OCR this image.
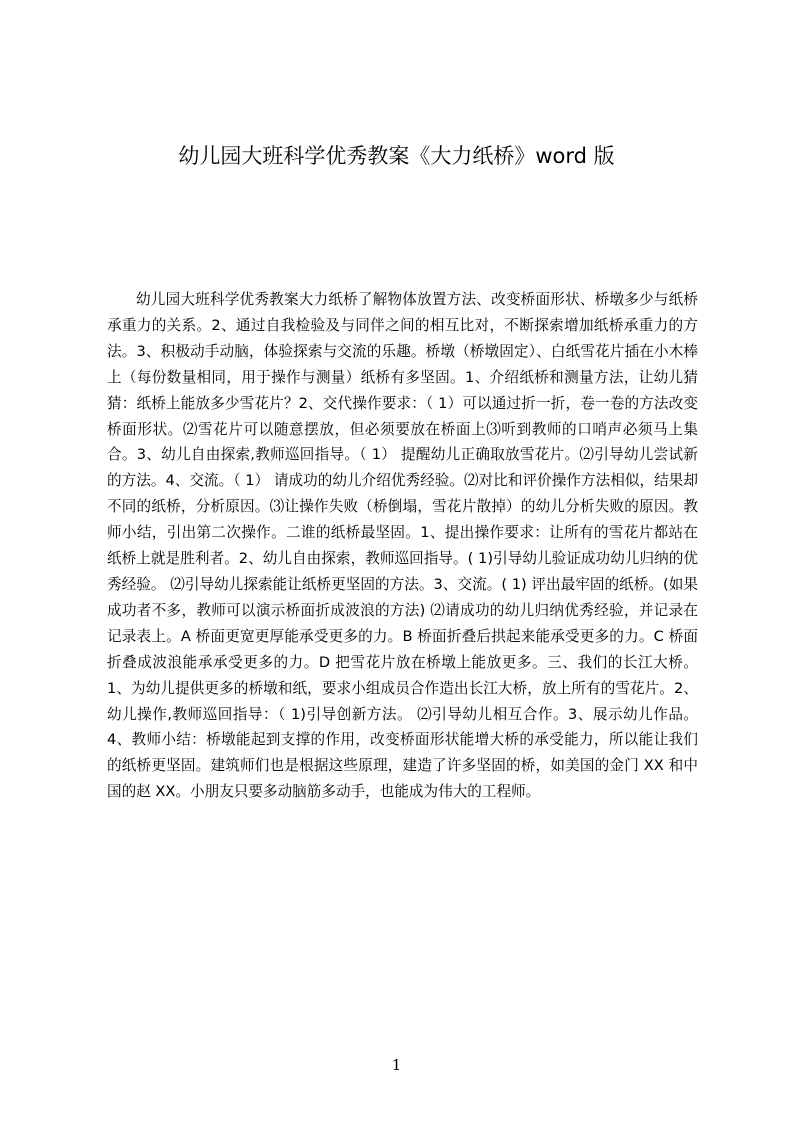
幼儿园大班科学优秀教案《大力纸桥》word 版

幼儿园大班科学优秀教案大力纸桥了解物体放置方法、改变桥面形状、桥墩多少与纸桥承重力的关系。2、通过自我检验及与同伴之间的相互比对，不断探索增加纸桥承重力的方法。3、积极动手动脑，体验探索与交流的乐趣。桥墩（桥墩固定）、白纸雪花片插在小木棒上（每份数量相同，用于操作与测量）纸桥有多坚固。1、介绍纸桥和测量方法，让幼儿猜猜：纸桥上能放多少雪花片？2、交代操作要求：（ 1）可以通过折一折，卷一卷的方法改变桥面形状。⑵雪花片可以随意摆放，但必须要放在桥面上⑶听到教师的口哨声必须马上集合。3、幼儿自由探索,教师巡回指导。（ 1） 提醒幼儿正确取放雪花片。⑵引导幼儿尝试新的方法。4、交流。（ 1） 请成功的幼儿介绍优秀经验。⑵对比和评价操作方法相似，结果却不同的纸桥，分析原因。⑶让操作失败（桥倒塌，雪花片散掉）的幼儿分析失败的原因。教师小结，引出第二次操作。二谁的纸桥最坚固。1、提出操作要求：让所有的雪花片都站在纸桥上就是胜利者。2、幼儿自由探索，教师巡回指导。( 1)引导幼儿验证成功幼儿归纳的优秀经验。 ⑵引导幼儿探索能让纸桥更坚固的方法。3、交流。( 1) 评出最牢固的纸桥。(如果成功者不多，教师可以演示桥面折成波浪的方法) ⑵请成功的幼儿归纳优秀经验，并记录在记录表上。A 桥面更宽更厚能承受更多的力。B 桥面折叠后拱起来能承受更多的力。C 桥面折叠成波浪能承承受更多的力。D 把雪花片放在桥墩上能放更多。三、我们的长江大桥。1、为幼儿提供更多的桥墩和纸，要求小组成员合作造出长江大桥，放上所有的雪花片。2、幼儿操作,教师巡回指导：（ 1)引导创新方法。 ⑵引导幼儿相互合作。3、展示幼儿作品。 4、教师小结：桥墩能起到支撑的作用，改变桥面形状能增大桥的承受能力，所以能让我们的纸桥更坚固。建筑师们也是根据这些原理，建造了许多坚固的桥，如美国的金门 XX 和中国的赵 XX。小朋友只要多动脑筋多动手，也能成为伟大的工程师。

1
